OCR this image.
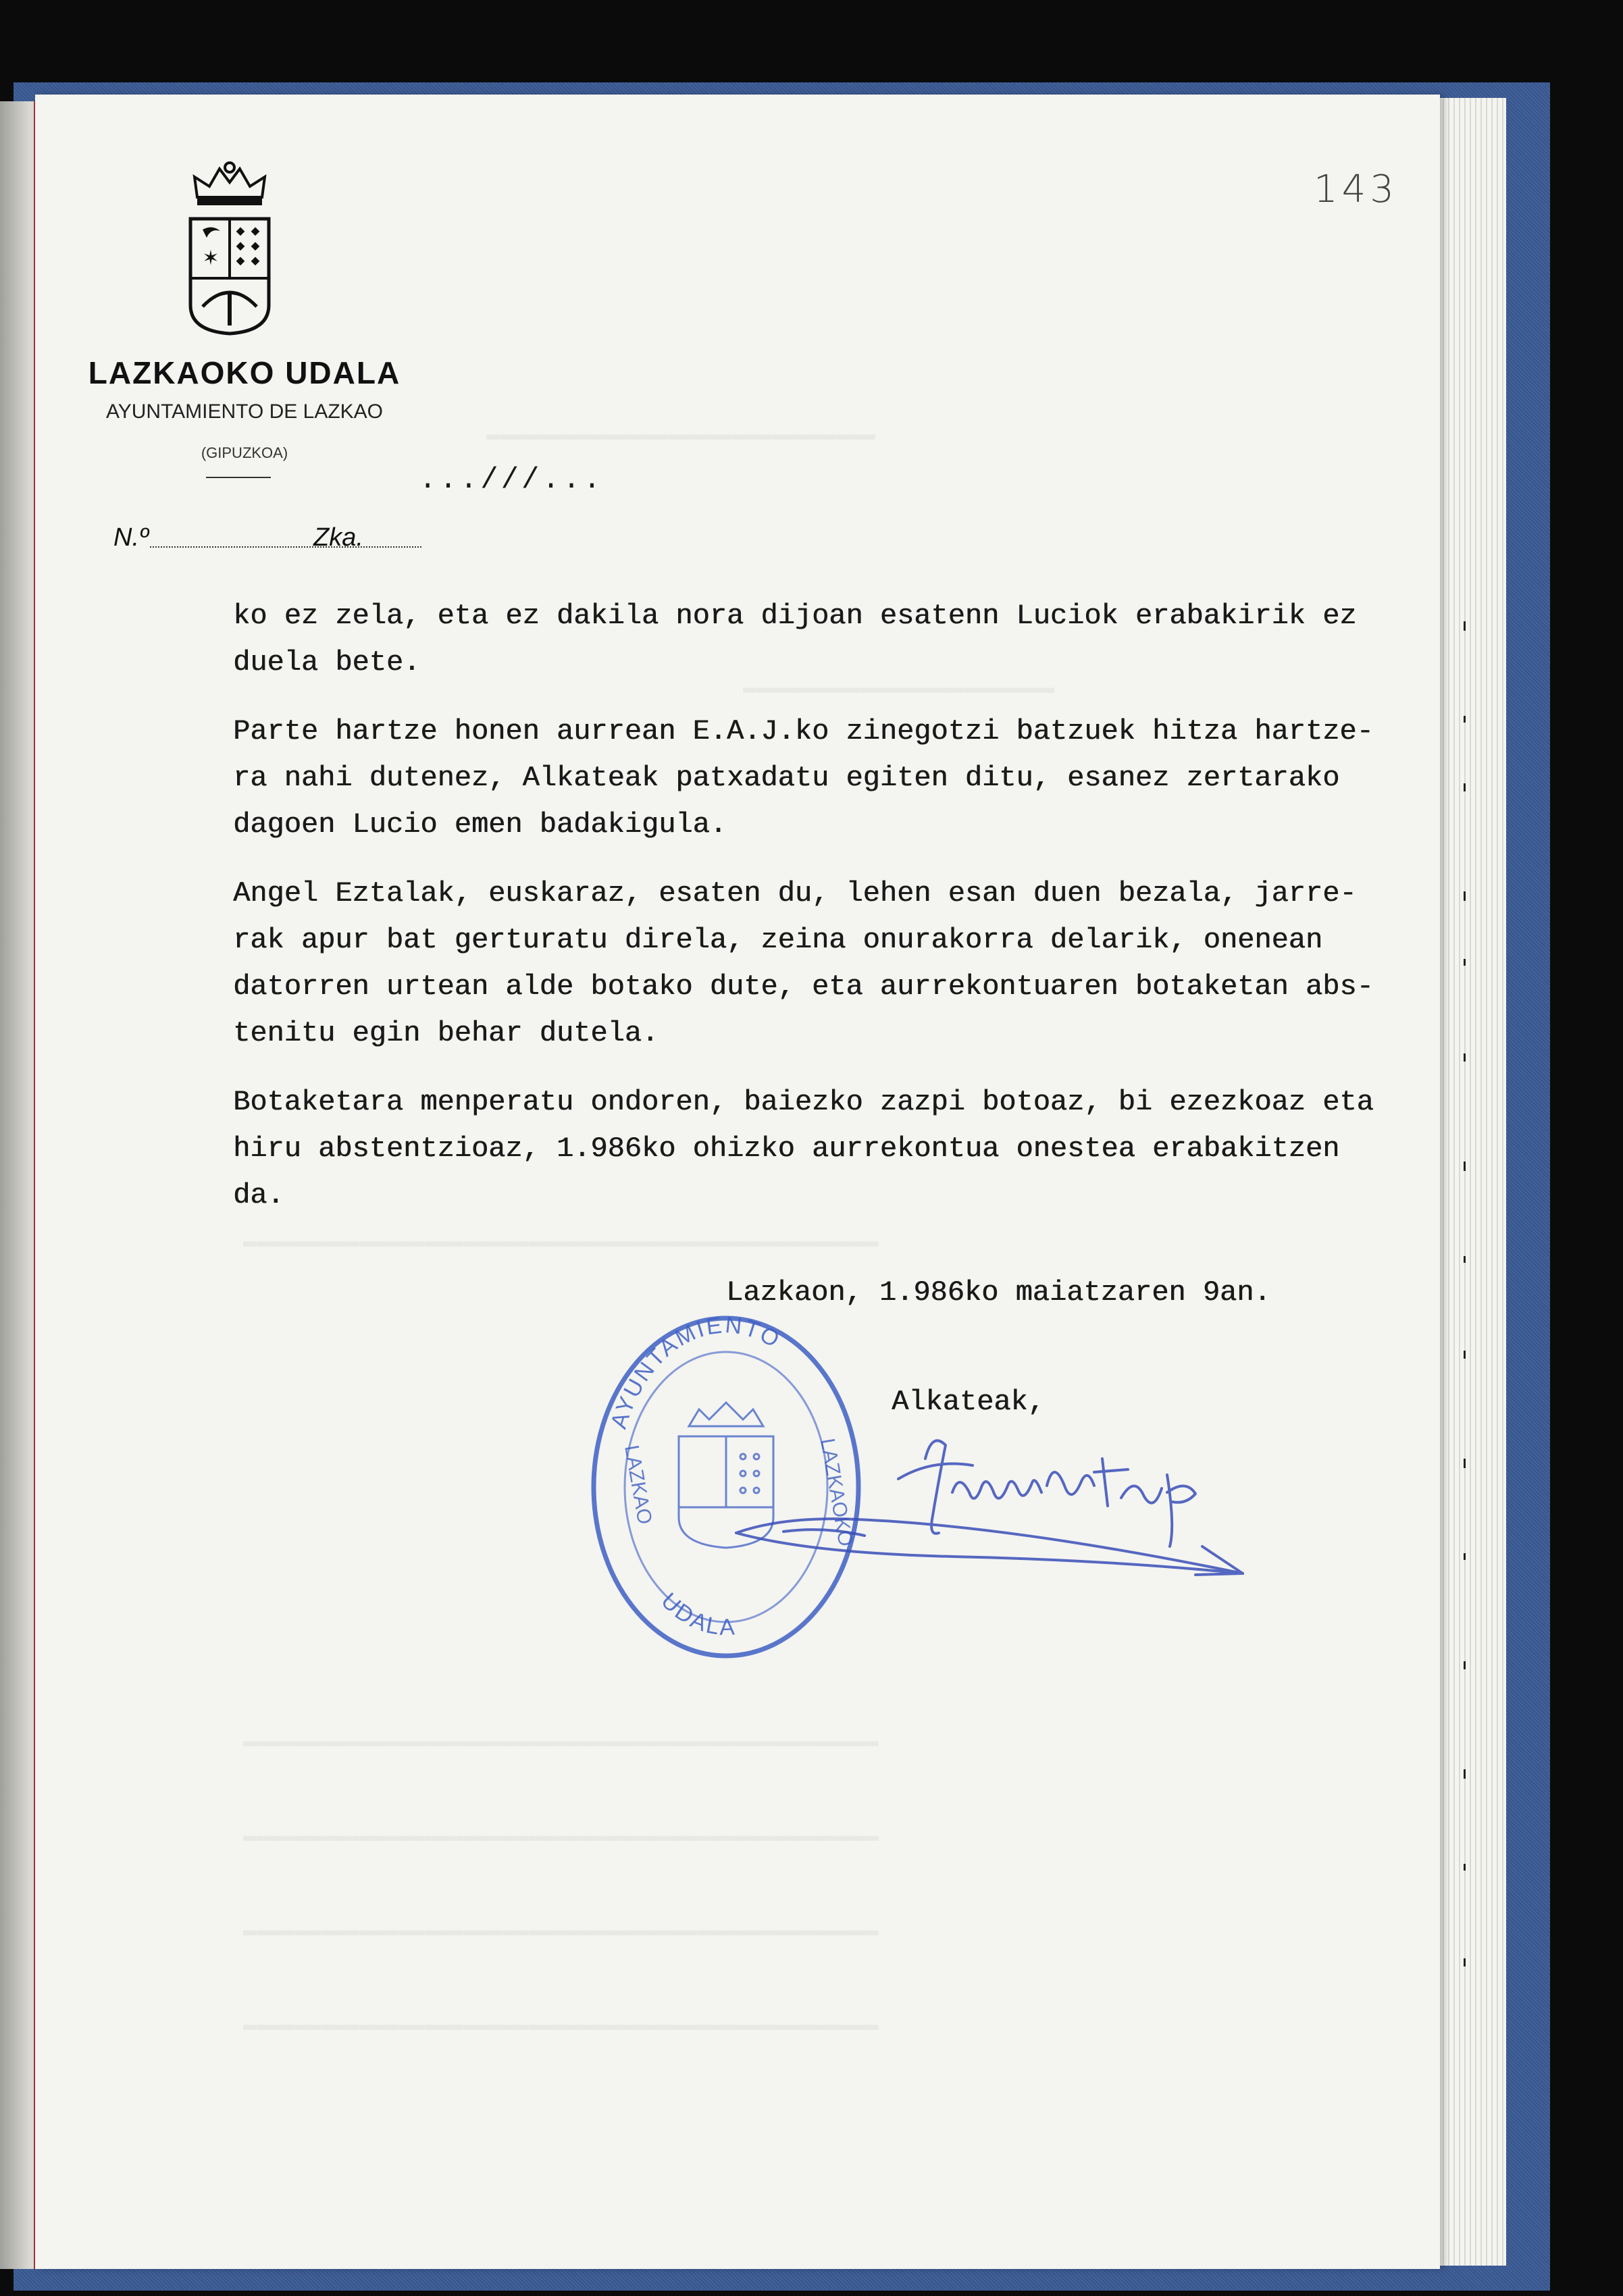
✶
LAZKAOKO UDALA
AYUNTAMIENTO DE LAZKAO
(GIPUZKOA)
...///...
N.º	Zka.
143
▬▬▬▬▬▬▬▬▬▬▬▬▬▬▬▬▬▬▬▬▬▬▬▬▬▬▬▬▬▬
▬▬▬▬▬▬▬▬▬▬▬▬▬▬▬▬▬▬▬▬▬▬▬▬
▬▬▬▬▬▬▬▬▬▬▬▬▬▬▬▬▬▬▬▬▬▬▬▬▬▬▬▬▬▬▬▬▬▬▬▬▬▬▬▬▬▬▬▬▬▬▬▬▬
▬▬▬▬▬▬▬▬▬▬▬▬▬▬▬▬▬▬▬▬▬▬▬▬▬▬▬▬▬▬▬▬▬▬▬▬▬▬▬▬▬▬▬▬▬▬▬▬▬
▬▬▬▬▬▬▬▬▬▬▬▬▬▬▬▬▬▬▬▬▬▬▬▬▬▬▬▬▬▬▬▬▬▬▬▬▬▬▬▬▬▬▬▬▬▬▬▬▬
▬▬▬▬▬▬▬▬▬▬▬▬▬▬▬▬▬▬▬▬▬▬▬▬▬▬▬▬▬▬▬▬▬▬▬▬▬▬▬▬▬▬▬▬▬▬▬▬▬
▬▬▬▬▬▬▬▬▬▬▬▬▬▬▬▬▬▬▬▬▬▬▬▬▬▬▬▬▬▬▬▬▬▬▬▬▬▬▬▬▬▬▬▬▬▬▬▬▬

ko ez zela, eta ez dakila nora dijoan esatenn Luciok erabakirik ez
duela bete.

Parte hartze honen aurrean E.A.J.ko zinegotzi batzuek hitza hartze-
ra nahi dutenez, Alkateak patxadatu egiten ditu, esanez zertarako
dagoen Lucio emen badakigula.

Angel Eztalak, euskaraz, esaten du, lehen esan duen bezala, jarre-
rak apur bat gerturatu direla, zeina onurakorra delarik, onenean
datorren urtean alde botako dute, eta aurrekontuaren botaketan abs-
tenitu egin behar dutela.

Botaketara menperatu ondoren, baiezko zazpi botoaz, bi ezezkoaz eta
hiru abstentzioaz, 1.986ko ohizko aurrekontua onestea erabakitzen
da.

Lazkaon, 1.986ko maiatzaren 9an.
Alkateak,
AYUNTAMIENTO
UDALA
LAZKAO	LAZKAOKO
